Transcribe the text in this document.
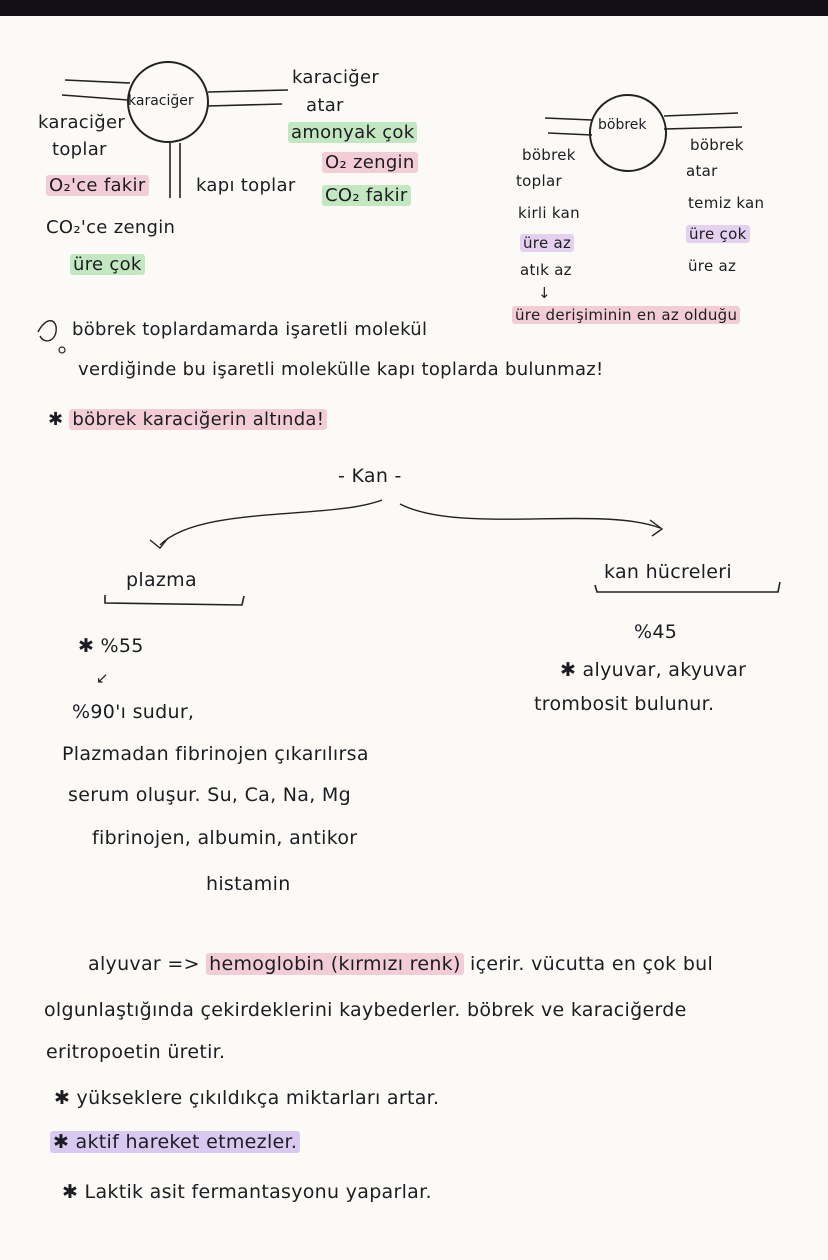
karaciğer
karaciğer
toplar
O₂'ce fakir
CO₂'ce zengin
üre çok
kapı toplar
karaciğer
atar
amonyak çok
O₂ zengin
CO₂ fakir
böbrek
böbrek
toplar
kirli kan
üre az
atık az
↓
böbrek
atar
temiz kan
üre çok
üre az
üre derişiminin en az olduğu
böbrek toplardamarda işaretli molekül
verdiğinde bu işaretli molekülle kapı toplarda bulunmaz!
✱ böbrek karaciğerin altında!
- Kan -
plazma
✱ %55
↙
%90'ı sudur,
Plazmadan fibrinojen çıkarılırsa
serum oluşur. Su, Ca, Na, Mg
fibrinojen, albumin, antikor
histamin
kan hücreleri
%45
✱ alyuvar, akyuvar
trombosit bulunur.
alyuvar => hemoglobin (kırmızı renk) içerir. vücutta en çok bul
olgunlaştığında çekirdeklerini kaybederler. böbrek ve karaciğerde
eritropoetin üretir.
✱ yükseklere çıkıldıkça miktarları artar.
✱ aktif hareket etmezler.
✱ Laktik asit fermantasyonu yaparlar.
